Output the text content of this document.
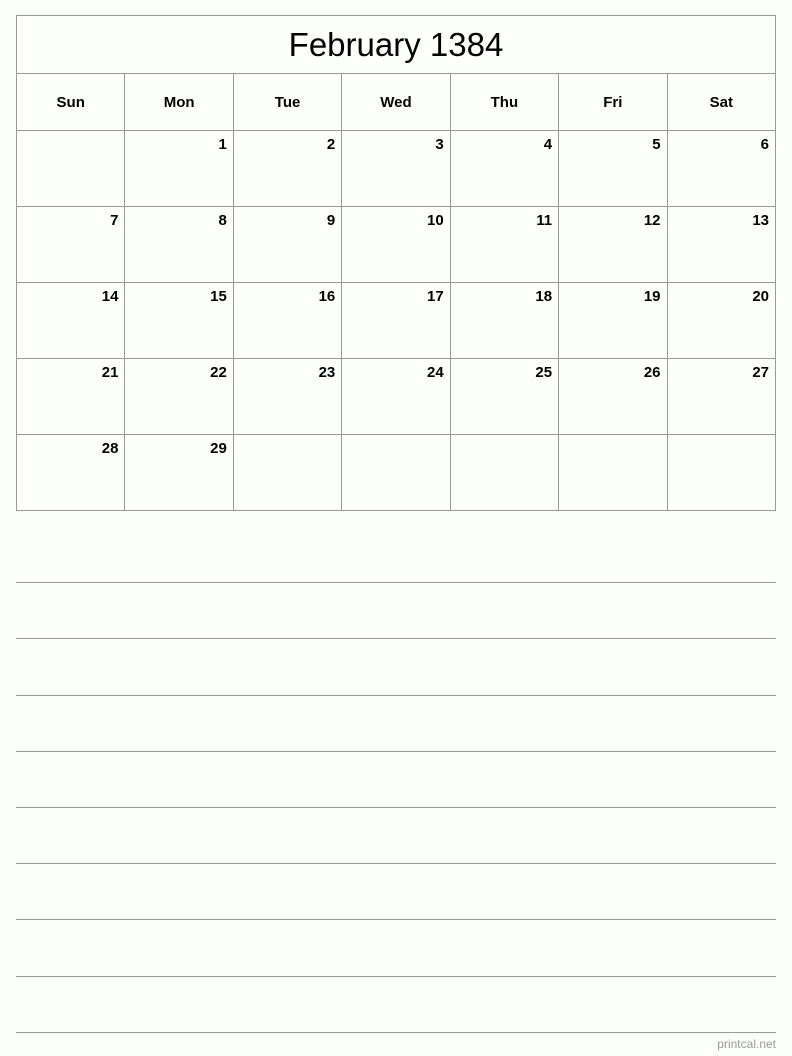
February 1384						
Sun	Mon	Tue	Wed	Thu	Fri	Sat
	1	2	3	4	5	6
7	8	9	10	11	12	13
14	15	16	17	18	19	20
21	22	23	24	25	26	27
28	29					
printcal.net
